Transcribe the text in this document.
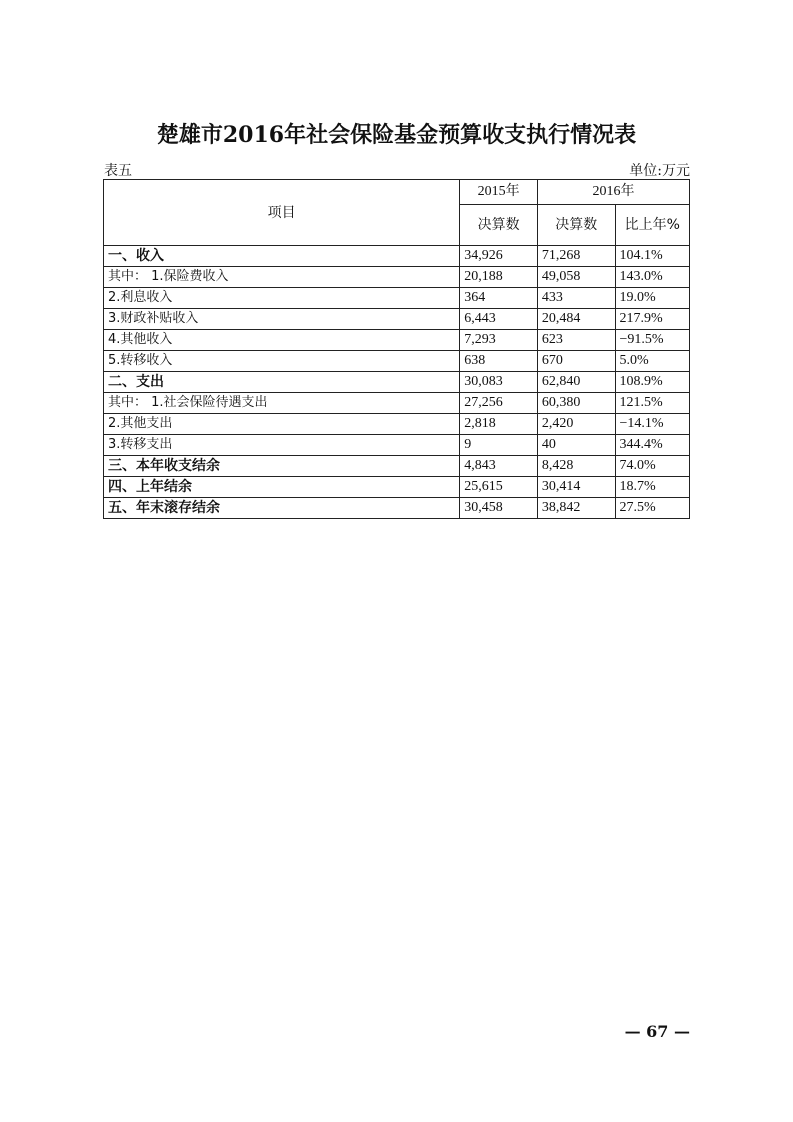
楚雄市2016年社会保险基金预算收支执行情况表
表五	单位:万元
项目	2015年	2016年	
	决算数	决算数	比上年%
一、收入	34,926	71,268	104.1%
其中： 1.保险费收入	20,188	49,058	143.0%
2.利息收入	364	433	19.0%
3.财政补贴收入	6,443	20,484	217.9%
4.其他收入	7,293	623	−91.5%
5.转移收入	638	670	5.0%
二、支出	30,083	62,840	108.9%
其中： 1.社会保险待遇支出	27,256	60,380	121.5%
2.其他支出	2,818	2,420	−14.1%
3.转移支出	9	40	344.4%
三、本年收支结余	4,843	8,428	74.0%
四、上年结余	25,615	30,414	18.7%
五、年末滚存结余	30,458	38,842	27.5%
— 67 —
